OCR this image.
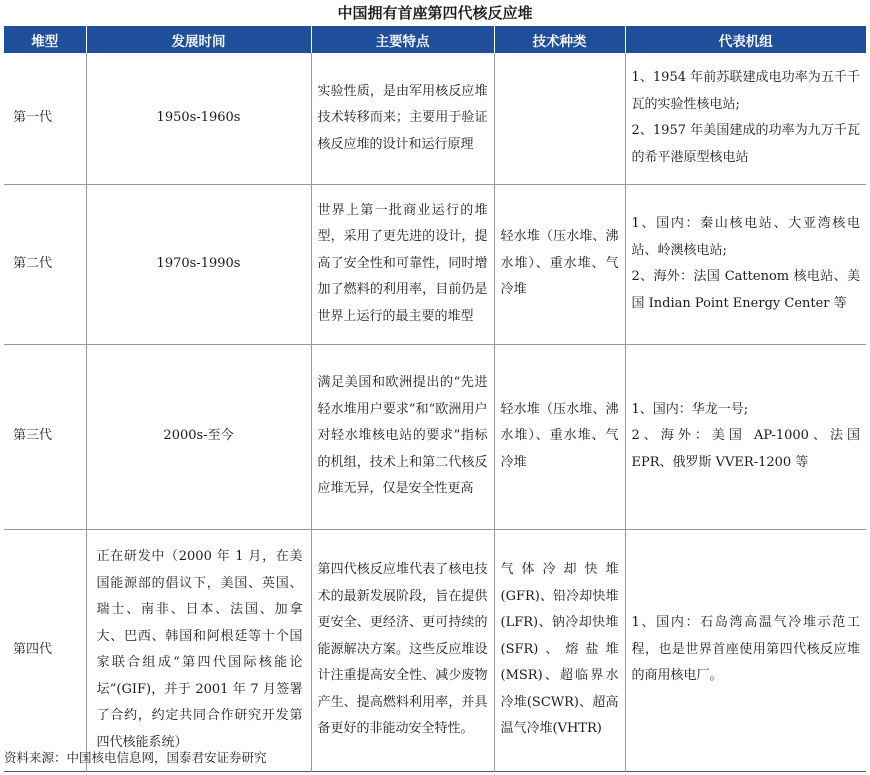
中国拥有首座第四代核反应堆
堆型	发展时间	主要特点	技术种类	代表机组
第一代	1950s-1960s	实验性质，是由军用核反应堆技术转移而来；主要用于验证核反应堆的设计和运行原理		1、1954 年前苏联建成电功率为五千千瓦的实验性核电站;
2、1957 年美国建成的功率为九万千瓦的希平港原型核电站

第二代	1970s-1990s	世界上第一批商业运行的堆型，采用了更先进的设计，提高了安全性和可靠性，同时增加了燃料的利用率，目前仍是世界上运行的最主要的堆型	轻水堆（压水堆、沸水堆）、重水堆、气冷堆	1、国内：秦山核电站、大亚湾核电站、岭澳核电站;
2、海外：法国 Cattenom 核电站、美国 Indian Point Energy Center 等

第三代	2000s-至今	满足美国和欧洲提出的“先进轻水堆用户要求”和“欧洲用户对轻水堆核电站的要求”指标的机组，技术上和第二代核反应堆无异，仅是安全性更高	轻水堆（压水堆、沸水堆）、重水堆、气冷堆	1、国内：华龙一号;
2、海外：美国 AP-1000、法国 EPR、俄罗斯 VVER-1200 等

第四代	正在研发中（2000 年 1 月，在美国能源部的倡议下，美国、英国、瑞士、南非、日本、法国、加拿大、巴西、韩国和阿根廷等十个国家联合组成“第四代国际核能论坛”(GIF)，并于 2001 年 7 月签署了合约，约定共同合作研究开发第四代核能系统）	第四代核反应堆代表了核电技术的最新发展阶段，旨在提供更安全、更经济、更可持续的能源解决方案。这些反应堆设计注重提高安全性、减少废物产生、提高燃料利用率，并具备更好的非能动安全特性。	气体冷却快堆(GFR)、铅冷却快堆(LFR)、钠冷却快堆(SFR)、熔盐堆(MSR)、超临界水冷堆(SCWR)、超高温气冷堆(VHTR)	1、国内：石岛湾高温气冷堆示范工程，也是世界首座使用第四代核反应堆的商用核电厂。
资料来源：中国核电信息网，国泰君安证券研究
